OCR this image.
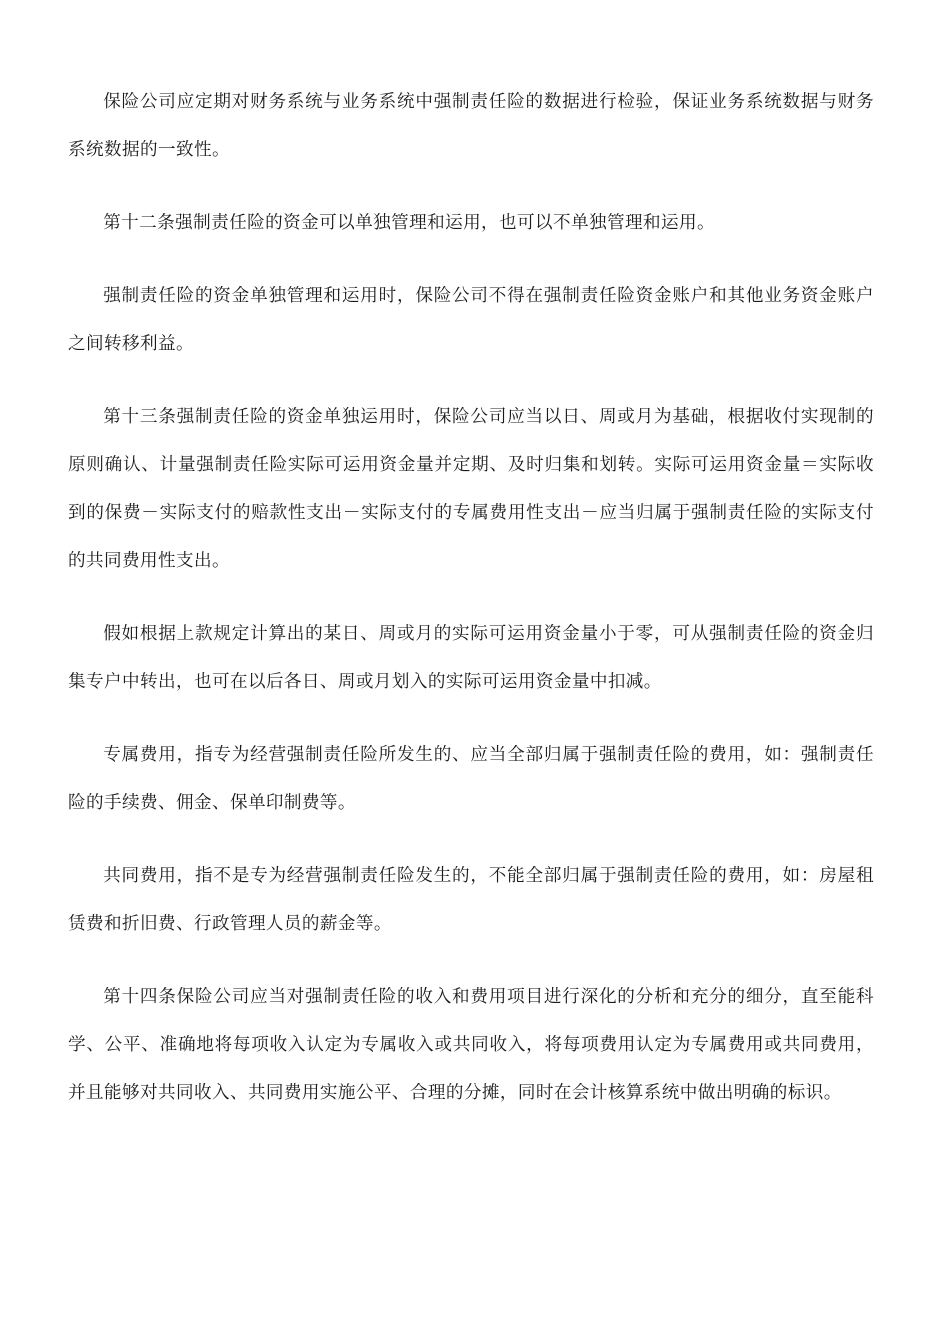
保险公司应定期对财务系统与业务系统中强制责任险的数据进行检验，保证业务系统数据与财务系统数据的一致性。

第十二条强制责任险的资金可以单独管理和运用，也可以不单独管理和运用。

强制责任险的资金单独管理和运用时，保险公司不得在强制责任险资金账户和其他业务资金账户之间转移利益。

第十三条强制责任险的资金单独运用时，保险公司应当以日、周或月为基础，根据收付实现制的原则确认、计量强制责任险实际可运用资金量并定期、及时归集和划转。实际可运用资金量＝实际收到的保费－实际支付的赔款性支出－实际支付的专属费用性支出－应当归属于强制责任险的实际支付的共同费用性支出。

假如根据上款规定计算出的某日、周或月的实际可运用资金量小于零，可从强制责任险的资金归集专户中转出，也可在以后各日、周或月划入的实际可运用资金量中扣减。

专属费用，指专为经营强制责任险所发生的、应当全部归属于强制责任险的费用，如：强制责任险的手续费、佣金、保单印制费等。

共同费用，指不是专为经营强制责任险发生的，不能全部归属于强制责任险的费用，如：房屋租赁费和折旧费、行政管理人员的薪金等。

第十四条保险公司应当对强制责任险的收入和费用项目进行深化的分析和充分的细分，直至能科学、公平、准确地将每项收入认定为专属收入或共同收入，将每项费用认定为专属费用或共同费用，并且能够对共同收入、共同费用实施公平、合理的分摊，同时在会计核算系统中做出明确的标识。
